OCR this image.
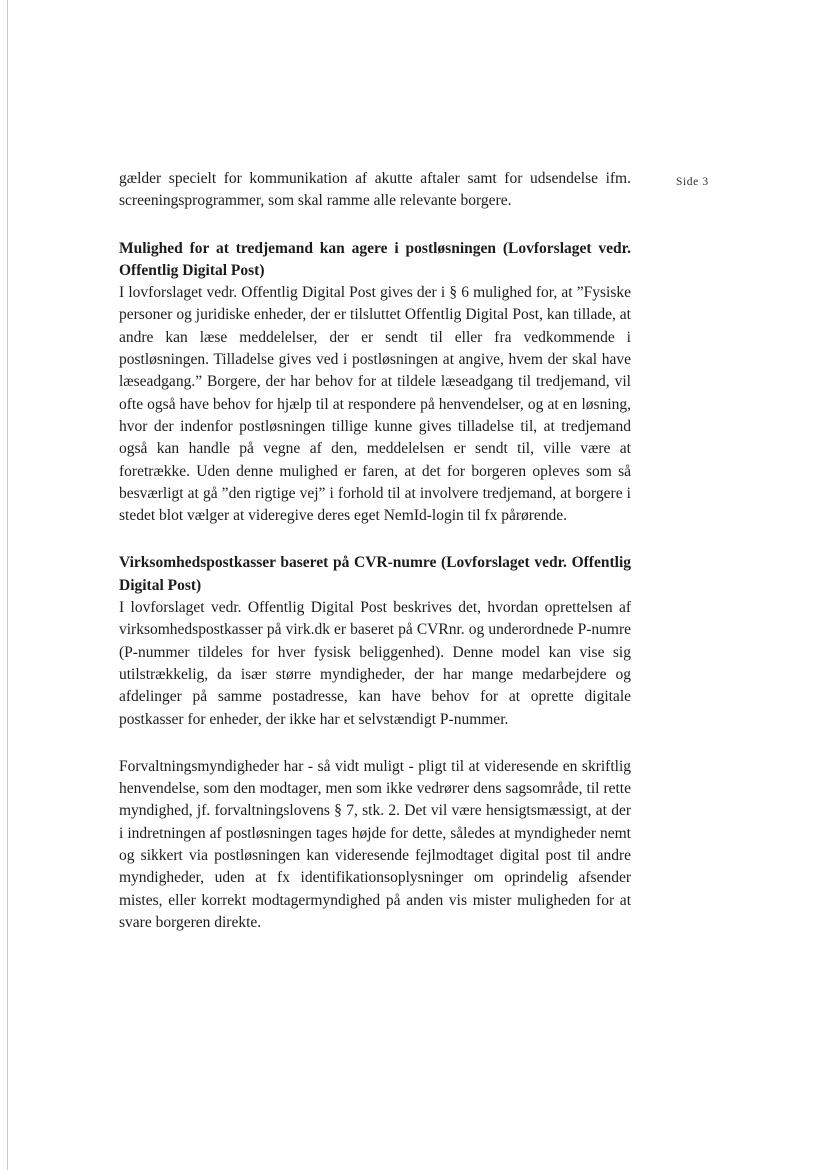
Side 3

gælder specielt for kommunikation af akutte aftaler samt for udsendelse ifm. screeningsprogrammer, som skal ramme alle relevante borgere.

Mulighed for at tredjemand kan agere i postløsningen (Lovforslaget vedr. Offentlig Digital Post)

I lovforslaget vedr. Offentlig Digital Post gives der i § 6 mulighed for, at ”Fysiske personer og juridiske enheder, der er tilsluttet Offentlig Digital Post, kan tillade, at andre kan læse meddelelser, der er sendt til eller fra vedkommende i postløsningen. Tilladelse gives ved i postløsningen at angive, hvem der skal have læseadgang.” Borgere, der har behov for at tildele læseadgang til tredjemand, vil ofte også have behov for hjælp til at respondere på henvendelser, og at en løsning, hvor der indenfor postløsningen tillige kunne gives tilladelse til, at tredjemand også kan handle på vegne af den, meddelelsen er sendt til, ville være at foretrække. Uden denne mulighed er faren, at det for borgeren opleves som så besværligt at gå ”den rigtige vej” i forhold til at involvere tredjemand, at borgere i stedet blot vælger at videregive deres eget NemId-login til fx pårørende.

Virksomhedspostkasser baseret på CVR-numre (Lovforslaget vedr. Offentlig Digital Post)

I lovforslaget vedr. Offentlig Digital Post beskrives det, hvordan oprettelsen af virksomhedspostkasser på virk.dk er baseret på CVRnr. og underordnede P-numre (P-nummer tildeles for hver fysisk beliggenhed). Denne model kan vise sig utilstrækkelig, da især større myndigheder, der har mange medarbejdere og afdelinger på samme postadresse, kan have behov for at oprette digitale postkasser for enheder, der ikke har et selvstændigt P-nummer.

Forvaltningsmyndigheder har - så vidt muligt - pligt til at videresende en skriftlig henvendelse, som den modtager, men som ikke vedrører dens sagsområde, til rette myndighed, jf. forvaltningslovens § 7, stk. 2. Det vil være hensigtsmæssigt, at der i indretningen af postløsningen tages højde for dette, således at myndigheder nemt og sikkert via postløsningen kan videresende fejlmodtaget digital post til andre myndigheder, uden at fx identifikationsoplysninger om oprindelig afsender mistes, eller korrekt modtagermyndighed på anden vis mister muligheden for at svare borgeren direkte.
